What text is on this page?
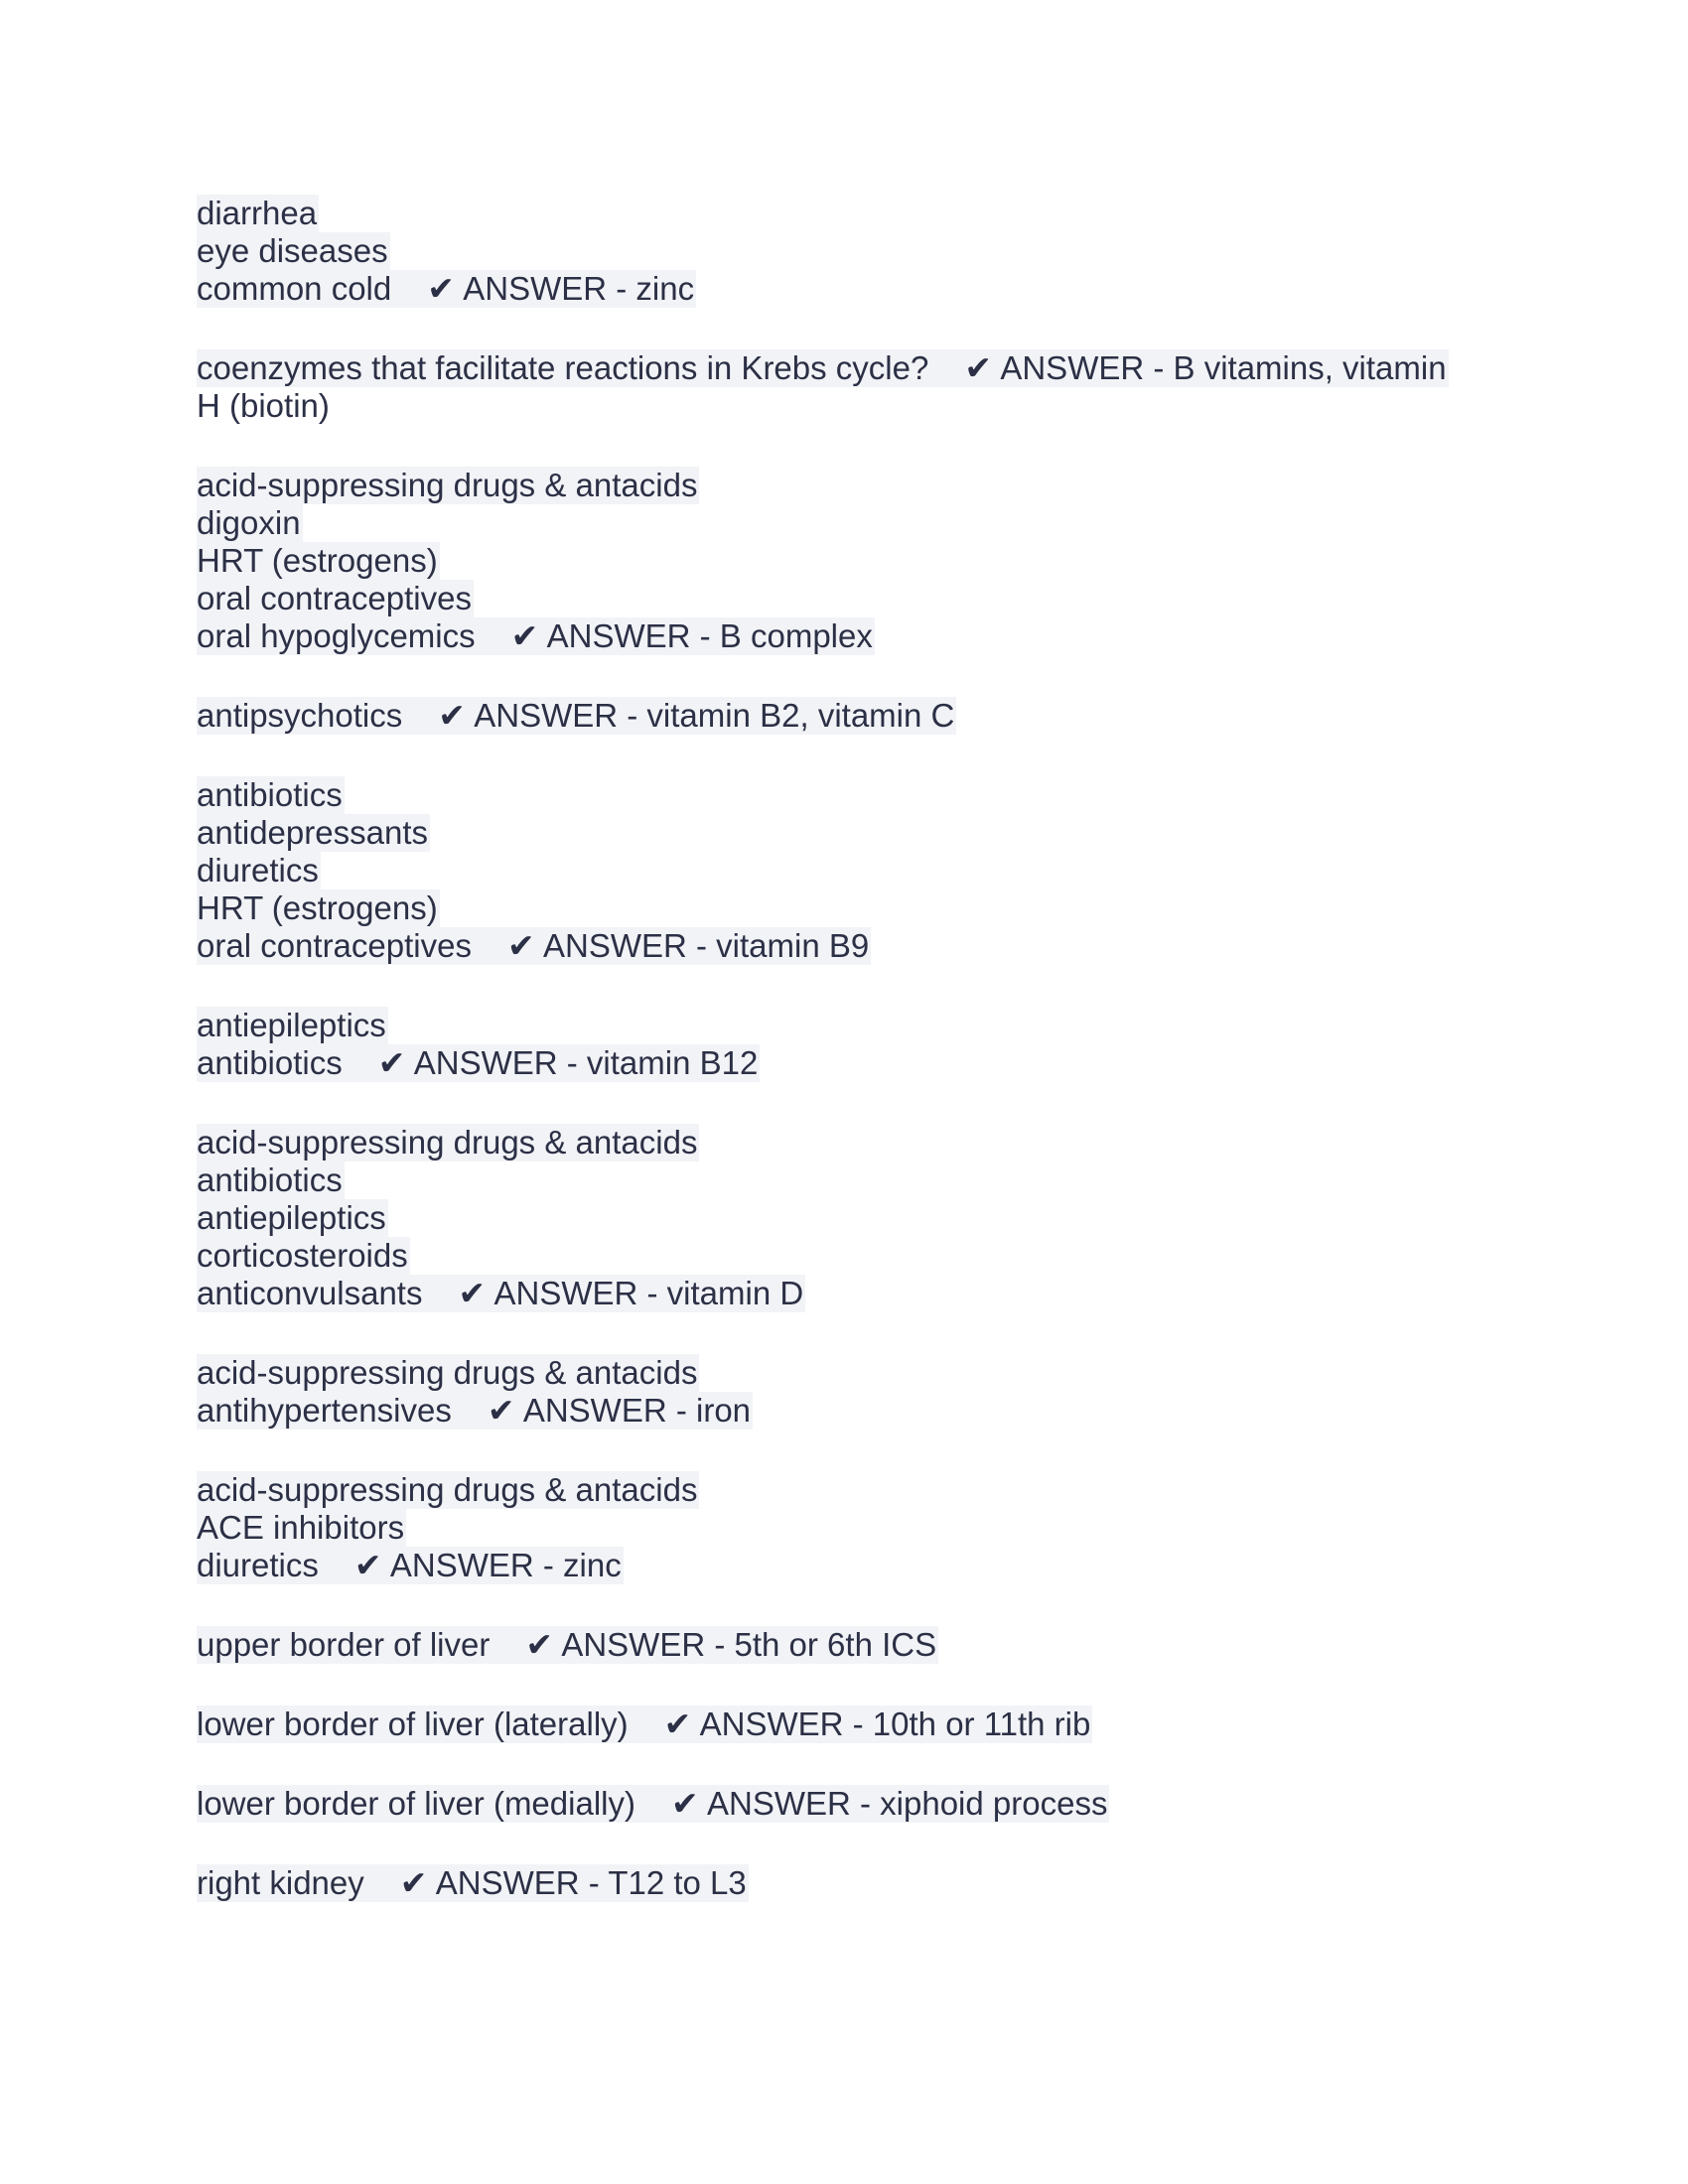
diarrhea
eye diseases
common cold ✔ ANSWER - zinc
coenzymes that facilitate reactions in Krebs cycle? ✔ ANSWER - B vitamins, vitamin
H (biotin)
acid-suppressing drugs & antacids
digoxin
HRT (estrogens)
oral contraceptives
oral hypoglycemics ✔ ANSWER - B complex
antipsychotics ✔ ANSWER - vitamin B2, vitamin C
antibiotics
antidepressants
diuretics
HRT (estrogens)
oral contraceptives ✔ ANSWER - vitamin B9
antiepileptics
antibiotics ✔ ANSWER - vitamin B12
acid-suppressing drugs & antacids
antibiotics
antiepileptics
corticosteroids
anticonvulsants ✔ ANSWER - vitamin D
acid-suppressing drugs & antacids
antihypertensives ✔ ANSWER - iron
acid-suppressing drugs & antacids
ACE inhibitors
diuretics ✔ ANSWER - zinc
upper border of liver ✔ ANSWER - 5th or 6th ICS
lower border of liver (laterally) ✔ ANSWER - 10th or 11th rib
lower border of liver (medially) ✔ ANSWER - xiphoid process
right kidney ✔ ANSWER - T12 to L3
